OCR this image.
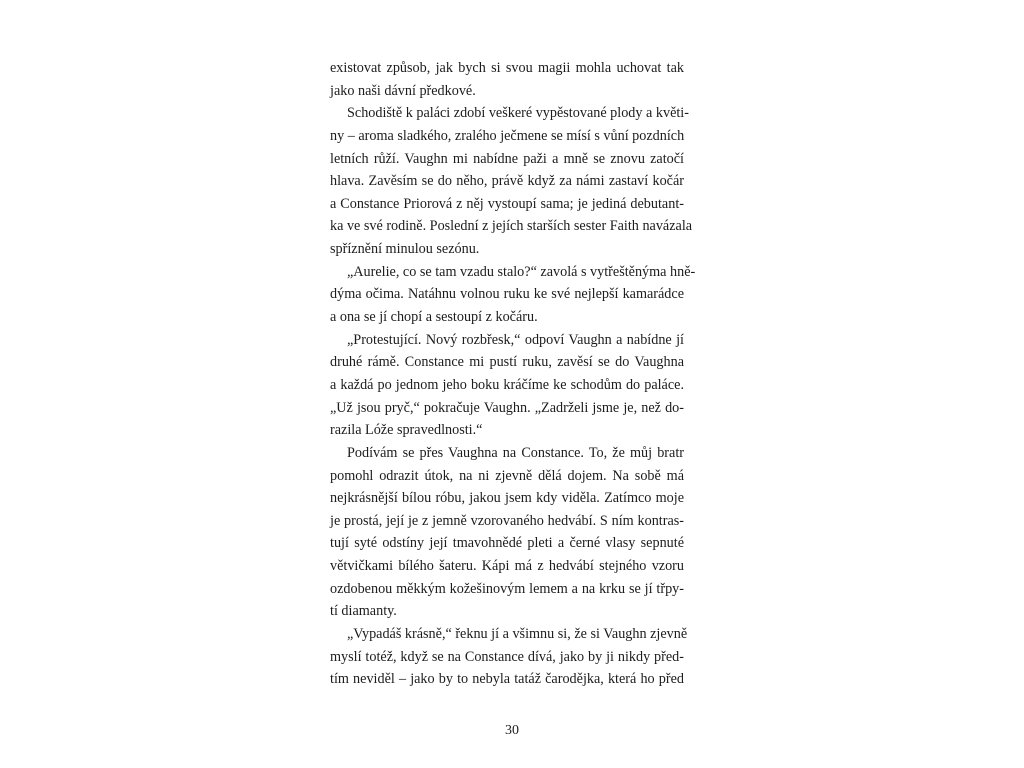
existovat způsob, jak bych si svou magii mohla uchovat tak
jako naši dávní předkové.
Schodiště k paláci zdobí veškeré vypěstované plody a květi-
ny – aroma sladkého, zralého ječmene se mísí s vůní pozdních
letních růží. Vaughn mi nabídne paži a mně se znovu zatočí
hlava. Zavěsím se do něho, právě když za námi zastaví kočár
a Constance Priorová z něj vystoupí sama; je jediná debutant-
ka ve své rodině. Poslední z jejích starších sester Faith navázala
spříznění minulou sezónu.
„Aurelie, co se tam vzadu stalo?“ zavolá s vytřeštěnýma hně-
dýma očima. Natáhnu volnou ruku ke své nejlepší kamarádce
a ona se jí chopí a sestoupí z kočáru.
„Protestující. Nový rozbřesk,“ odpoví Vaughn a nabídne jí
druhé rámě. Constance mi pustí ruku, zavěsí se do Vaughna
a každá po jednom jeho boku kráčíme ke schodům do paláce.
„Už jsou pryč,“ pokračuje Vaughn. „Zadrželi jsme je, než do-
razila Lóže spravedlnosti.“
Podívám se přes Vaughna na Constance. To, že můj bratr
pomohl odrazit útok, na ni zjevně dělá dojem. Na sobě má
nejkrásnější bílou róbu, jakou jsem kdy viděla. Zatímco moje
je prostá, její je z jemně vzorovaného hedvábí. S ním kontras-
tují syté odstíny její tmavohnědé pleti a černé vlasy sepnuté
větvičkami bílého šateru. Kápi má z hedvábí stejného vzoru
ozdobenou měkkým kožešinovým lemem a na krku se jí třpy-
tí diamanty.
„Vypadáš krásně,“ řeknu jí a všimnu si, že si Vaughn zjevně
myslí totéž, když se na Constance dívá, jako by ji nikdy před-
tím neviděl – jako by to nebyla tatáž čarodějka, která ho před
30
